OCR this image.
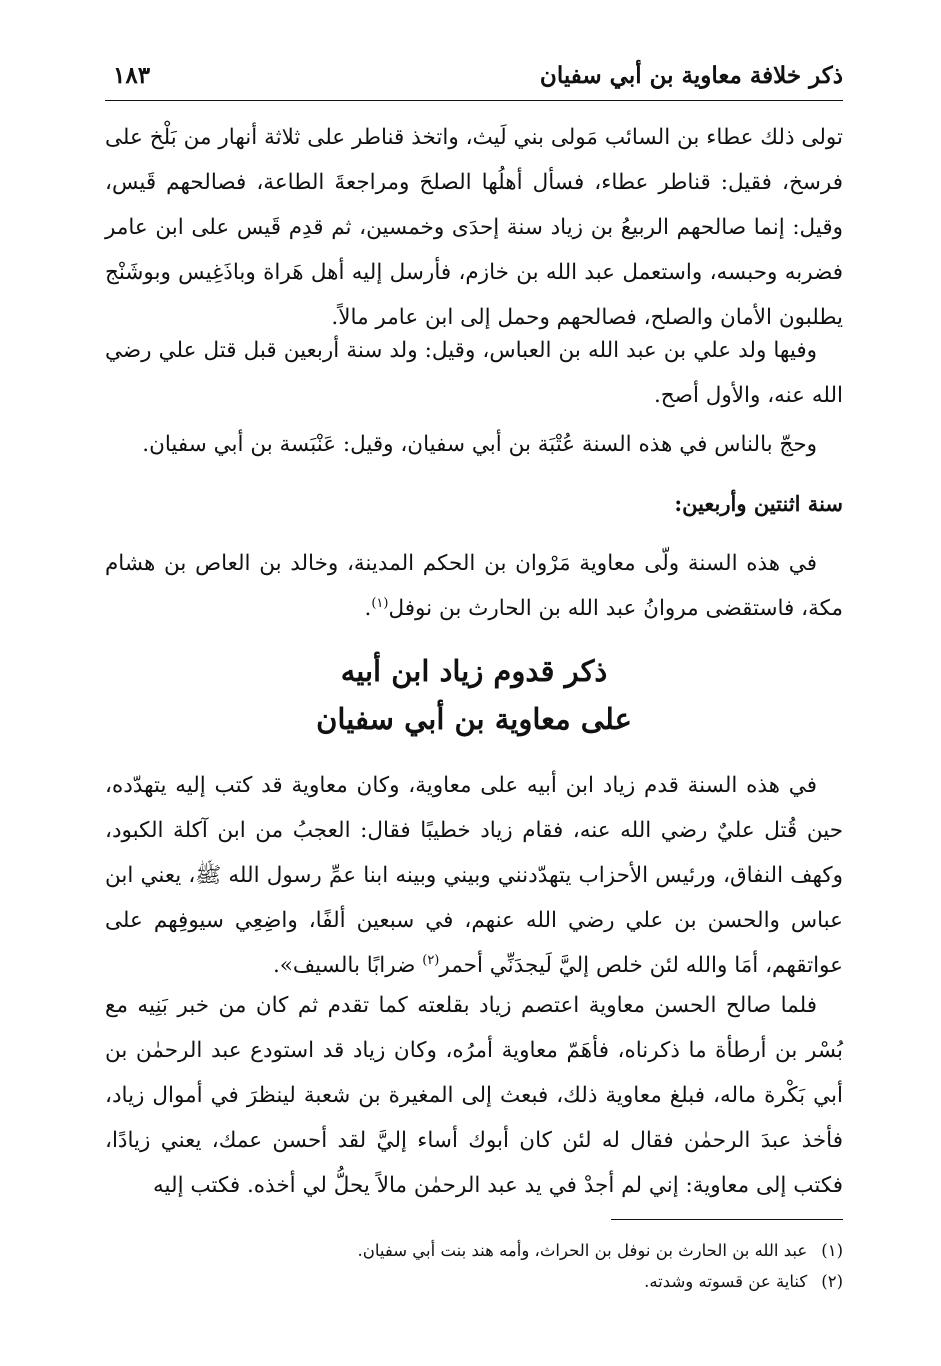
ذكر خلافة معاوية بن أبي سفيان
١٨٣

تولى ذلك عطاء بن السائب مَولى بني لَيث، واتخذ قناطر على ثلاثة أنهار من بَلْخ على فرسخ، فقيل: قناطر عطاء، فسأل أهلُها الصلحَ ومراجعةَ الطاعة، فصالحهم قَيس، وقيل: إنما صالحهم الربيعُ بن زياد سنة إحدَى وخمسين، ثم قدِم قَيس على ابن عامر فضربه وحبسه، واستعمل عبد الله بن خازم، فأرسل إليه أهل هَراة وباذَغِيس وبوشَنْج يطلبون الأمان والصلح، فصالحهم وحمل إلى ابن عامر مالاً.

وفيها ولد علي بن عبد الله بن العباس، وقيل: ولد سنة أربعين قبل قتل علي رضي الله عنه، والأول أصح.

وحجّ بالناس في هذه السنة عُتْبَة بن أبي سفيان، وقيل: عَنْبَسة بن أبي سفيان.

سنة اثنتين وأربعين:

في هذه السنة ولّى معاوية مَرْوان بن الحكم المدينة، وخالد بن العاص بن هشام مكة، فاستقضى مروانُ عبد الله بن الحارث بن نوفل$^{(١)}$.

ذكر قدوم زياد ابن أبيه
على معاوية بن أبي سفيان

في هذه السنة قدم زياد ابن أبيه على معاوية، وكان معاوية قد كتب إليه يتهدّده، حين قُتل عليٌ رضي الله عنه، فقام زياد خطيبًا فقال: العجبُ من ابن آكلة الكبود، وكهف النفاق، ورئيس الأحزاب يتهدّدنني وبيني وبينه ابنا عمِّ رسول الله ﷺ، يعني ابن عباس والحسن بن علي رضي الله عنهم، في سبعين ألفًا، واضِعِي سيوفِهم على عواتقهم، أمَا والله لئن خلص إليَّ لَيجدَنِّي أحمر$^{(٢)}$ ضرابًا بالسيف».

فلما صالح الحسن معاوية اعتصم زياد بقلعته كما تقدم ثم كان من خبر بَنِيه مع بُسْر بن أرطأة ما ذكرناه، فأهَمّ معاوية أمرُه، وكان زياد قد استودع عبد الرحمٰن بن أبي بَكْرة ماله، فبلغ معاوية ذلك، فبعث إلى المغيرة بن شعبة لينظرَ في أموال زياد، فأخذ عبدَ الرحمٰن فقال له لئن كان أبوك أساء إليَّ لقد أحسن عمك، يعني زيادًا، فكتب إلى معاوية: إني لم أجدْ في يد عبد الرحمٰن مالاً يحلُّ لي أخذه. فكتب إليه

(١)عبد الله بن الحارث بن نوفل بن الحراث، وأمه هند بنت أبي سفيان.
(٢)كناية عن قسوته وشدته.
